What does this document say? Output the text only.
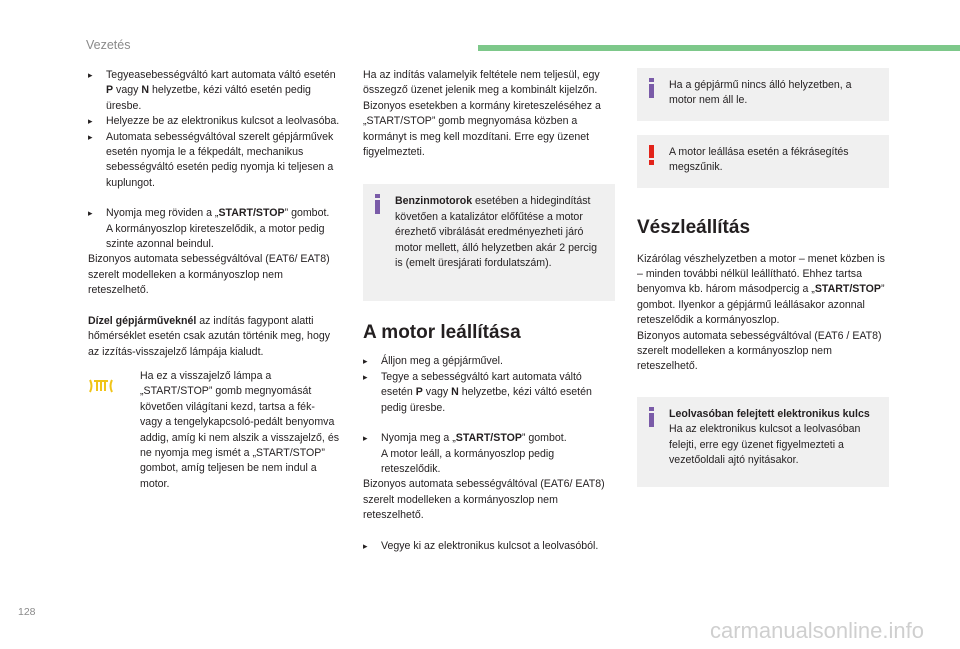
Vezetés
▸	Tegyeasebességváltó kart automata váltó esetén P vagy N helyzetbe, kézi váltó esetén pedig üresbe.
▸	Helyezze be az elektronikus kulcsot a leolvasóba.
▸	Automata sebességváltóval szerelt gépjárművek esetén nyomja le a fékpedált, mechanikus sebességváltó esetén pedig nyomja ki teljesen a kuplungot.
▸	Nyomja meg röviden a „START/STOP” gombot.
A kormányoszlop kireteszelődik, a motor pedig szinte azonnal beindul.

Bizonyos automata sebességváltóval (EAT6/ EAT8) szerelt modelleken a kormányoszlop nem reteszelhető.

Dízel gépjárműveknél az indítás fagypont alatti hőmérséklet esetén csak azután történik meg, hogy az izzítás-visszajelző lámpája kialudt.

Ha ez a visszajelző lámpa a „START/STOP” gomb megnyomását követően világítani kezd, tartsa a fék- vagy a tengelykapcsoló-pedált benyomva addig, amíg ki nem alszik a visszajelző, és ne nyomja meg ismét a „START/STOP” gombot, amíg teljesen be nem indul a motor.

Ha az indítás valamelyik feltétele nem teljesül, egy összegző üzenet jelenik meg a kombinált kijelzőn. Bizonyos esetekben a kormány kireteszeléséhez a „START/STOP” gomb megnyomása közben a kormányt is meg kell mozdítani. Erre egy üzenet figyelmezteti.

Benzinmotorok esetében a hidegindítást követően a katalizátor előfűtése a motor érezhető vibrálását eredményezheti járó motor mellett, álló helyzetben akár 2 percig is (emelt üresjárati fordulatszám).

A motor leállítása
▸	Álljon meg a gépjárművel.
▸	Tegye a sebességváltó kart automata váltó esetén P vagy N helyzetbe, kézi váltó esetén pedig üresbe.
▸	Nyomja meg a „START/STOP” gombot.
A motor leáll, a kormányoszlop pedig reteszelődik.

Bizonyos automata sebességváltóval (EAT6/ EAT8) szerelt modelleken a kormányoszlop nem reteszelhető.

▸	Vegye ki az elektronikus kulcsot a leolvasóból.

Ha a gépjármű nincs álló helyzetben, a motor nem áll le.

A motor leállása esetén a fékrásegítés megszűnik.

Vészleállítás

Kizárólag vészhelyzetben a motor – menet közben is – minden további nélkül leállítható. Ehhez tartsa benyomva kb. három másodpercig a „START/STOP” gombot. Ilyenkor a gépjármű leállásakor azonnal reteszelődik a kormányoszlop.

Bizonyos automata sebességváltóval (EAT6 / EAT8) szerelt modelleken a kormányoszlop nem reteszelhető.

Leolvasóban felejtett elektronikus kulcs
Ha az elektronikus kulcsot a leolvasóban felejti, erre egy üzenet figyelmezteti a vezetőoldali ajtó nyitásakor.

128
carmanualsonline.info
